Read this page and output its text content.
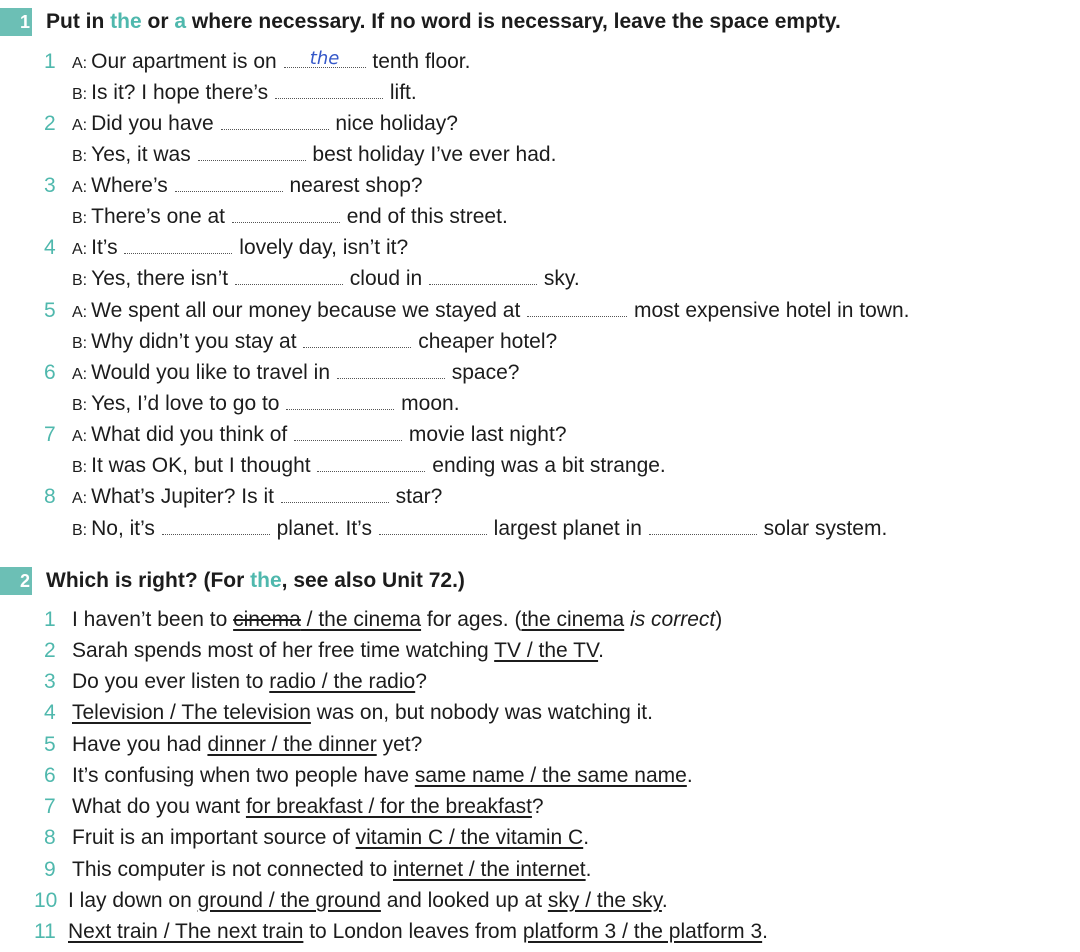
1 Put in the or a where necessary. If no word is necessary, leave the space empty.
1 A: Our apartment is on	the	tenth floor.
B: Is it? I hope there’s	lift.
2 A: Did you have	nice holiday?
B: Yes, it was	best holiday I’ve ever had.
3 A: Where’s	nearest shop?
B: There’s one at	end of this street.
4 A: It’s	lovely day, isn’t it?
B: Yes, there isn’t	cloud in	sky.
5 A: We spent all our money because we stayed at	most expensive hotel in town.
B: Why didn’t you stay at	cheaper hotel?
6 A: Would you like to travel in	space?
B: Yes, I’d love to go to	moon.
7 A: What did you think of	movie last night?
B: It was OK, but I thought	ending was a bit strange.
8 A: What’s Jupiter? Is it	star?
B: No, it’s	planet. It’s	largest planet in	solar system.
2 Which is right? (For the, see also Unit 72.)
1 I haven’t been to cinema / the cinema for ages. (the cinema is correct)
2 Sarah spends most of her free time watching TV / the TV.
3 Do you ever listen to radio / the radio?
4 Television / The television was on, but nobody was watching it.
5 Have you had dinner / the dinner yet?
6 It’s confusing when two people have same name / the same name.
7 What do you want for breakfast / for the breakfast?
8 Fruit is an important source of vitamin C / the vitamin C.
9 This computer is not connected to internet / the internet.
10 I lay down on ground / the ground and looked up at sky / the sky.
11 Next train / The next train to London leaves from platform 3 / the platform 3.
